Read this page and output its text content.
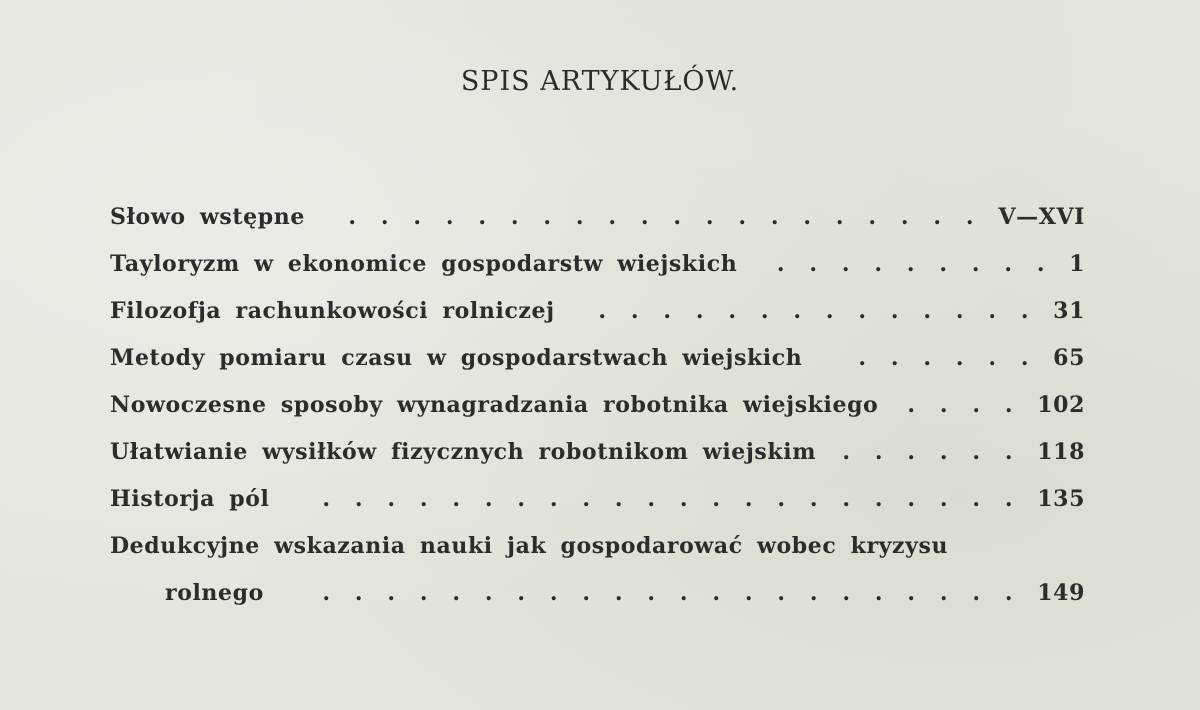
SPIS ARTYKUŁÓW.
Słowo wstępne	. . . . . . . . . . . . . . . . . . . .	V—XVI
Tayloryzm w ekonomice gospodarstw wiejskich	. . . . . . . . .	1
Filozofja rachunkowości rolniczej	. . . . . . . . . . . . . .	31
Metody pomiaru czasu w gospodarstwach wiejskich	. . . . . .	65
Nowoczesne sposoby wynagradzania robotnika wiejskiego	. . . .	102
Ułatwianie wysiłków fizycznych robotnikom wiejskim	. . . . . .	118
Historja pól	. . . . . . . . . . . . . . . . . . . . . .	135
Dedukcyjne wskazania nauki jak gospodarować wobec kryzysu
rolnego	. . . . . . . . . . . . . . . . . . . . . .	149
